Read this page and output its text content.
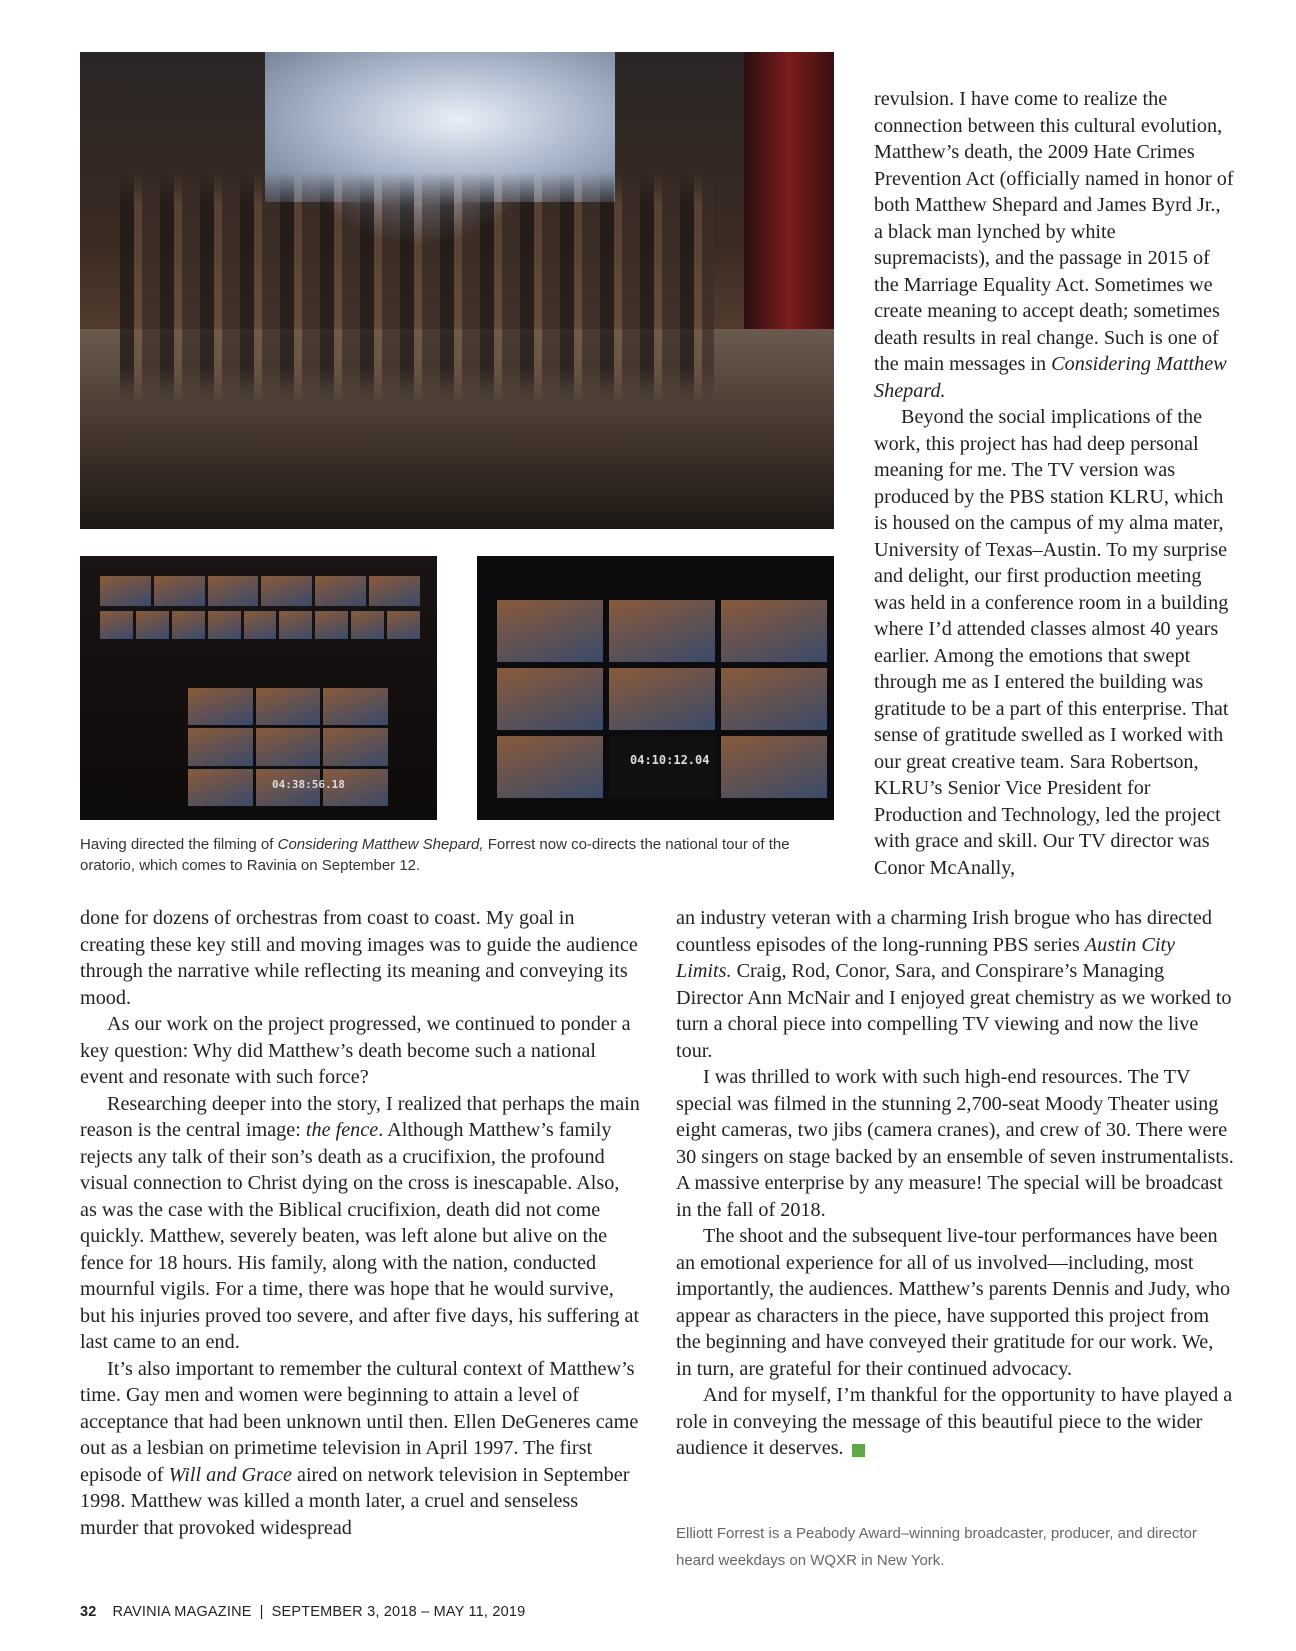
04:38:56.18
04:10:12.04
Having directed the filming of Considering Matthew Shepard, Forrest now co-directs the national tour of the oratorio, which comes to Ravinia on September 12.

revulsion. I have come to realize the connection between this cultural evolution, Matthew’s death, the 2009 Hate Crimes Prevention Act (officially named in honor of both Matthew Shepard and James Byrd Jr., a black man lynched by white supremacists), and the passage in 2015 of the Marriage Equality Act. Sometimes we create meaning to accept death; sometimes death results in real change. Such is one of the main messages in Considering Matthew Shepard.

Beyond the social implications of the work, this project has had deep personal meaning for me. The TV version was produced by the PBS station KLRU, which is housed on the campus of my alma mater, University of Texas–Austin. To my surprise and delight, our first production meeting was held in a conference room in a building where I’d attended classes almost 40 years earlier. Among the emotions that swept through me as I entered the building was gratitude to be a part of this enterprise. That sense of gratitude swelled as I worked with our great creative team. Sara Robertson, KLRU’s Senior Vice President for Production and Technology, led the project with grace and skill. Our TV director was Conor McAnally,

done for dozens of orchestras from coast to coast. My goal in creating these key still and moving images was to guide the audience through the narrative while reflecting its meaning and conveying its mood.

As our work on the project progressed, we continued to ponder a key question: Why did Matthew’s death become such a national event and resonate with such force?

Researching deeper into the story, I realized that perhaps the main reason is the central image: the fence. Although Matthew’s family rejects any talk of their son’s death as a crucifixion, the profound visual connection to Christ dying on the cross is inescapable. Also, as was the case with the Biblical crucifixion, death did not come quickly. Matthew, severely beaten, was left alone but alive on the fence for 18 hours. His family, along with the nation, conducted mournful vigils. For a time, there was hope that he would survive, but his injuries proved too severe, and after five days, his suffering at last came to an end.

It’s also important to remember the cultural context of Matthew’s time. Gay men and women were beginning to attain a level of acceptance that had been unknown until then. Ellen DeGeneres came out as a lesbian on primetime television in April 1997. The first episode of Will and Grace aired on network television in September 1998. Matthew was killed a month later, a cruel and senseless murder that provoked widespread

an industry veteran with a charming Irish brogue who has directed countless episodes of the long-running PBS series Austin City Limits. Craig, Rod, Conor, Sara, and Conspirare’s Managing Director Ann McNair and I enjoyed great chemistry as we worked to turn a choral piece into compelling TV viewing and now the live tour.

I was thrilled to work with such high-end resources. The TV special was filmed in the stunning 2,700-seat Moody Theater using eight cameras, two jibs (camera cranes), and crew of 30. There were 30 singers on stage backed by an ensemble of seven instrumentalists. A massive enterprise by any measure! The special will be broadcast in the fall of 2018.

The shoot and the subsequent live-tour performances have been an emotional experience for all of us involved—including, most importantly, the audiences. Matthew’s parents Dennis and Judy, who appear as characters in the piece, have supported this project from the beginning and have conveyed their gratitude for our work. We, in turn, are grateful for their continued advocacy.

And for myself, I’m thankful for the opportunity to have played a role in conveying the message of this beautiful piece to the wider audience it deserves.	R

Elliott Forrest is a Peabody Award–winning broadcaster, producer, and director heard weekdays on WQXR in New York.
32 RAVINIA MAGAZINE | SEPTEMBER 3, 2018 – MAY 11, 2019
